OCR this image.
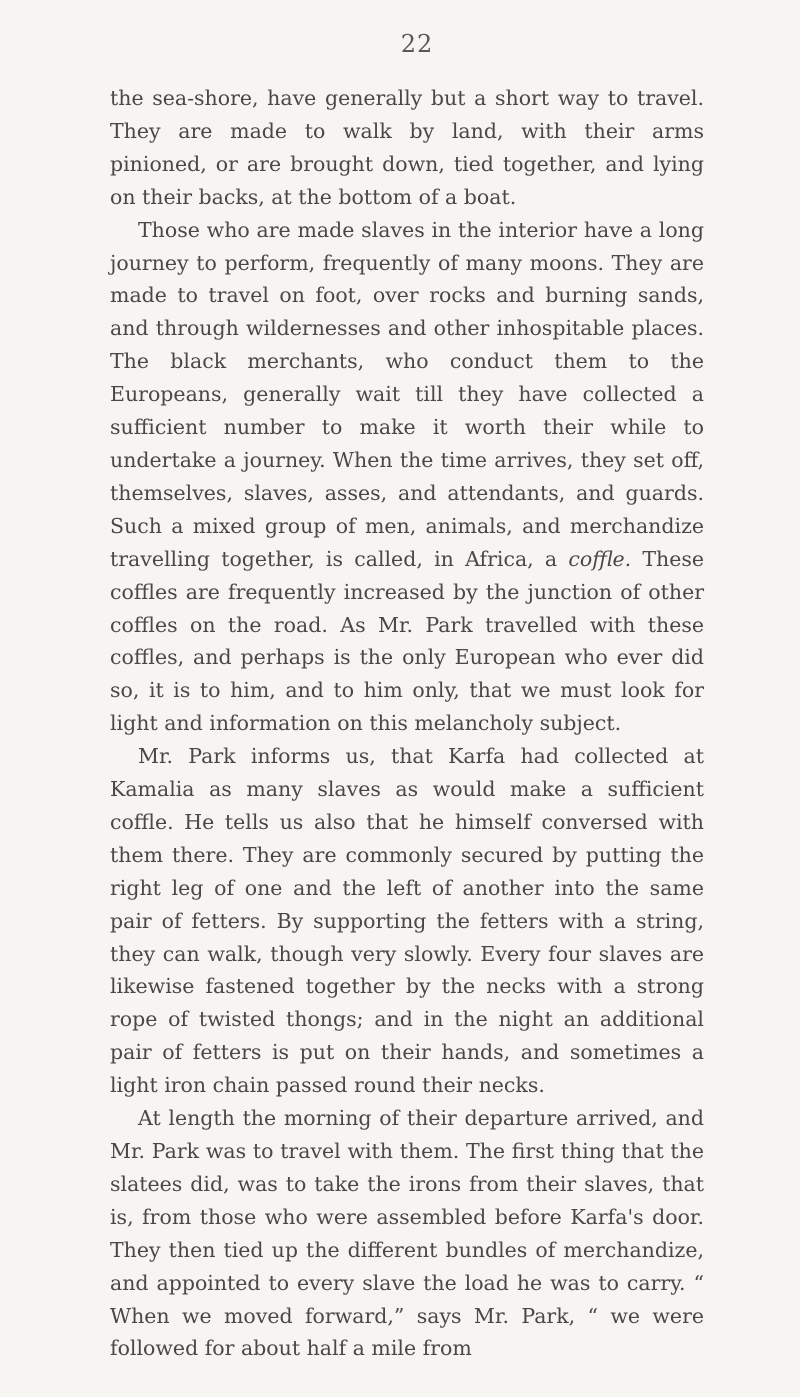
22

the sea-shore, have generally but a short way to travel. They are made to walk by land, with their arms pinioned, or are brought down, tied together, and lying on their backs, at the bottom of a boat.

Those who are made slaves in the interior have a long journey to perform, frequently of many moons. They are made to travel on foot, over rocks and burning sands, and through wildernesses and other inhospitable places. The black merchants, who conduct them to the Europeans, generally wait till they have collected a sufficient number to make it worth their while to undertake a journey. When the time arrives, they set off, themselves, slaves, asses, and attendants, and guards. Such a mixed group of men, animals, and merchandize travelling together, is called, in Africa, a coffle. These coffles are frequently increased by the junction of other coffles on the road. As Mr. Park travelled with these coffles, and perhaps is the only European who ever did so, it is to him, and to him only, that we must look for light and information on this melancholy subject.

Mr. Park informs us, that Karfa had collected at Kamalia as many slaves as would make a sufficient coffle. He tells us also that he himself conversed with them there. They are commonly secured by putting the right leg of one and the left of another into the same pair of fetters. By supporting the fetters with a string, they can walk, though very slowly. Every four slaves are likewise fastened together by the necks with a strong rope of twisted thongs; and in the night an additional pair of fetters is put on their hands, and sometimes a light iron chain passed round their necks.

At length the morning of their departure arrived, and Mr. Park was to travel with them. The first thing that the slatees did, was to take the irons from their slaves, that is, from those who were assembled before Karfa's door. They then tied up the different bundles of merchandize, and appointed to every slave the load he was to carry. “ When we moved forward,” says Mr. Park, “ we were followed for about half a mile from
